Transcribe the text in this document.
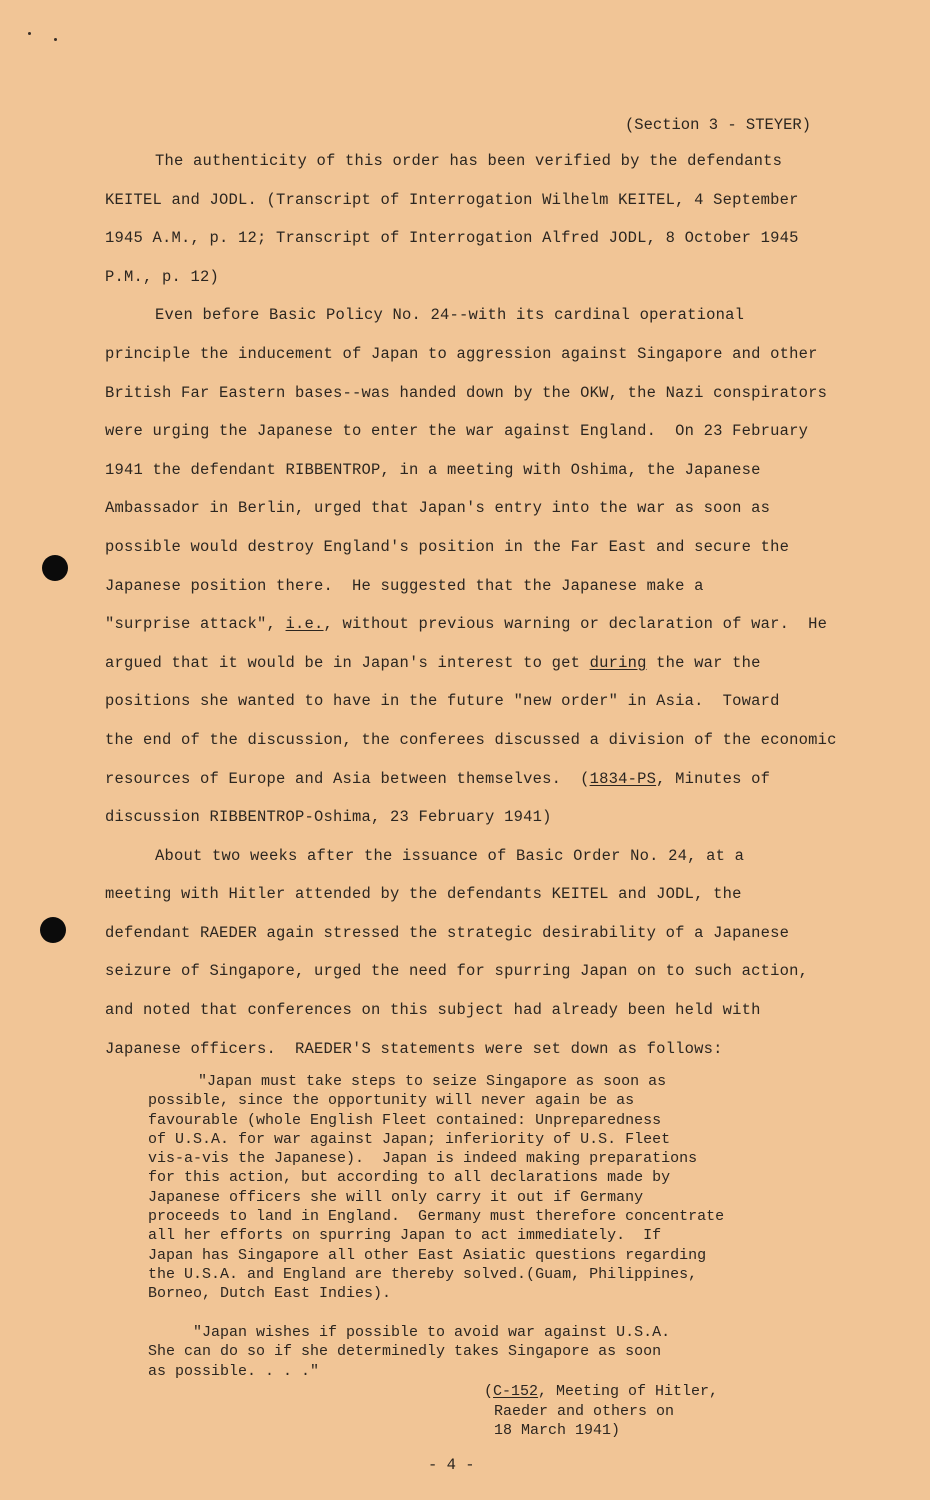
(Section 3 - STEYER)

The authenticity of this order has been verified by the defendants

KEITEL and JODL. (Transcript of Interrogation Wilhelm KEITEL, 4 September

1945 A.M., p. 12; Transcript of Interrogation Alfred JODL, 8 October 1945

P.M., p. 12)

Even before Basic Policy No. 24--with its cardinal operational

principle the inducement of Japan to aggression against Singapore and other

British Far Eastern bases--was handed down by the OKW, the Nazi conspirators

were urging the Japanese to enter the war against England.  On 23 February

1941 the defendant RIBBENTROP, in a meeting with Oshima, the Japanese

Ambassador in Berlin, urged that Japan's entry into the war as soon as

possible would destroy England's position in the Far East and secure the

Japanese position there.  He suggested that the Japanese make a

"surprise attack", i.e., without previous warning or declaration of war.  He

argued that it would be in Japan's interest to get during the war the

positions she wanted to have in the future "new order" in Asia.  Toward

the end of the discussion, the conferees discussed a division of the economic

resources of Europe and Asia between themselves.  (1834-PS, Minutes of

discussion RIBBENTROP-Oshima, 23 February 1941)

About two weeks after the issuance of Basic Order No. 24, at a

meeting with Hitler attended by the defendants KEITEL and JODL, the

defendant RAEDER again stressed the strategic desirability of a Japanese

seizure of Singapore, urged the need for spurring Japan on to such action,

and noted that conferences on this subject had already been held with

Japanese officers.  RAEDER'S statements were set down as follows:

"Japan must take steps to seize Singapore as soon as

possible, since the opportunity will never again be as

favourable (whole English Fleet contained: Unpreparedness

of U.S.A. for war against Japan; inferiority of U.S. Fleet

vis-a-vis the Japanese).  Japan is indeed making preparations

for this action, but according to all declarations made by

Japanese officers she will only carry it out if Germany

proceeds to land in England.  Germany must therefore concentrate

all her efforts on spurring Japan to act immediately.  If

Japan has Singapore all other East Asiatic questions regarding

the U.S.A. and England are thereby solved.(Guam, Philippines,

Borneo, Dutch East Indies).

"Japan wishes if possible to avoid war against U.S.A.

She can do so if she determinedly takes Singapore as soon

as possible. . . ."

(C-152, Meeting of Hitler,
Raeder and others on
18 March 1941)
- 4 -
